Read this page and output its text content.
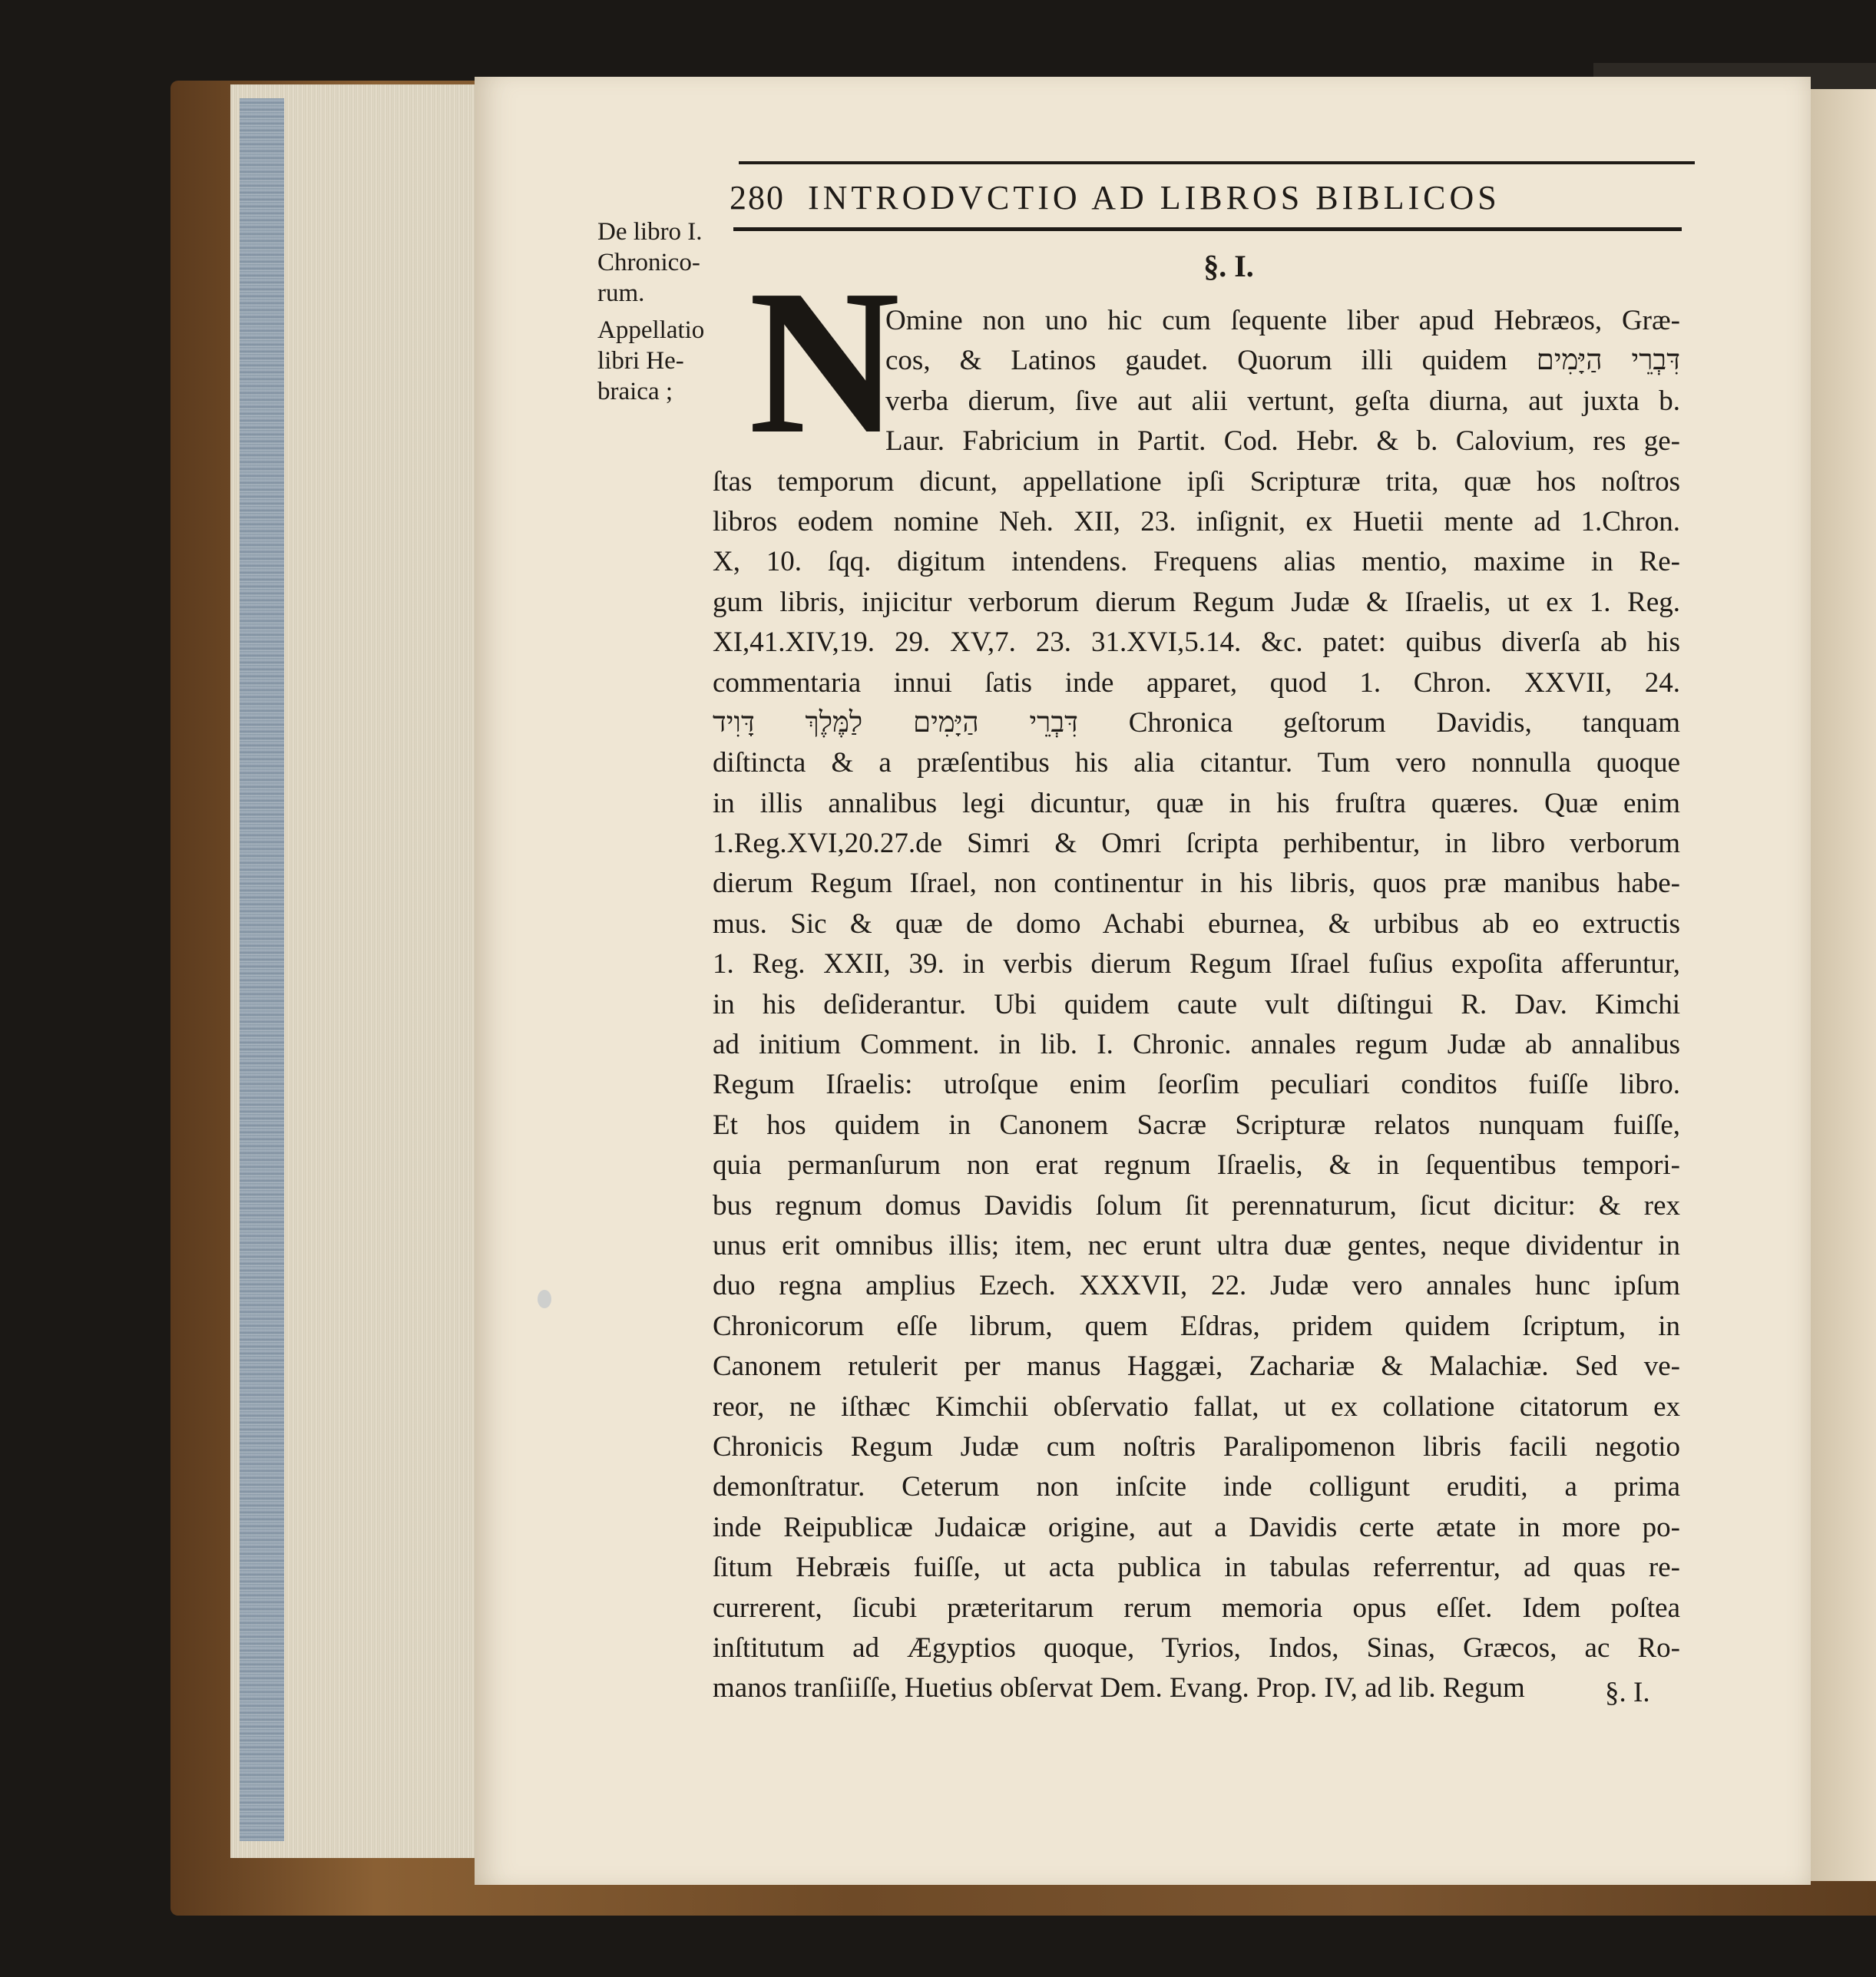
280 INTRODVCTIO AD LIBROS BIBLICOS
De libro I. Chronico- rum.
Appellatio libri He- braica ;
§. I.
N
Omine non uno hic cum ſequente liber apud Hebræos, Græ-
cos, & Latinos gaudet. Quorum illi quidem דִּבְרֵי הַיָּמִים
verba dierum, ſive aut alii vertunt, geſta diurna, aut juxta b.
Laur. Fabricium in Partit. Cod. Hebr. & b. Calovium, res ge-
ſtas temporum dicunt, appellatione ipſi Scripturæ trita, quæ hos noſtros
libros eodem nomine Neh. XII, 23. inſignit, ex Huetii mente ad 1.Chron.
X, 10. ſqq. digitum intendens. Frequens alias mentio, maxime in Re-
gum libris, injicitur verborum dierum Regum Judæ & Iſraelis, ut ex 1. Reg.
XI,41.XIV,19. 29. XV,7. 23. 31.XVI,5.14. &c. patet: quibus diverſa ab his
commentaria innui ſatis inde apparet, quod 1. Chron. XXVII, 24.
דִּבְרֵי הַיָּמִים לַמֶּלֶךְ דָּוִיד Chronica geſtorum Davidis, tanquam
diſtincta & a præſentibus his alia citantur. Tum vero nonnulla quoque
in illis annalibus legi dicuntur, quæ in his fruſtra quæres. Quæ enim
1.Reg.XVI,20.27.de Simri & Omri ſcripta perhibentur, in libro verborum
dierum Regum Iſrael, non continentur in his libris, quos præ manibus habe-
mus. Sic & quæ de domo Achabi eburnea, & urbibus ab eo extructis
1. Reg. XXII, 39. in verbis dierum Regum Iſrael fuſius expoſita afferuntur,
in his deſiderantur. Ubi quidem caute vult diſtingui R. Dav. Kimchi
ad initium Comment. in lib. I. Chronic. annales regum Judæ ab annalibus
Regum Iſraelis: utroſque enim ſeorſim peculiari conditos fuiſſe libro.
Et hos quidem in Canonem Sacræ Scripturæ relatos nunquam fuiſſe,
quia permanſurum non erat regnum Iſraelis, & in ſequentibus tempori-
bus regnum domus Davidis ſolum ſit perennaturum, ſicut dicitur: & rex
unus erit omnibus illis; item, nec erunt ultra duæ gentes, neque dividentur in
duo regna amplius Ezech. XXXVII, 22. Judæ vero annales hunc ipſum
Chronicorum eſſe librum, quem Eſdras, pridem quidem ſcriptum, in
Canonem retulerit per manus Haggæi, Zachariæ & Malachiæ. Sed ve-
reor, ne iſthæc Kimchii obſervatio fallat, ut ex collatione citatorum ex
Chronicis Regum Judæ cum noſtris Paralipomenon libris facili negotio
demonſtratur. Ceterum non inſcite inde colligunt eruditi, a prima
inde Reipublicæ Judaicæ origine, aut a Davidis certe ætate in more po-
ſitum Hebræis fuiſſe, ut acta publica in tabulas referrentur, ad quas re-
currerent, ſicubi præteritarum rerum memoria opus eſſet. Idem poſtea
inſtitutum ad Ægyptios quoque, Tyrios, Indos, Sinas, Græcos, ac Ro-
manos tranſiiſſe, Huetius obſervat Dem. Evang. Prop. IV, ad lib. Regum	§. I.
